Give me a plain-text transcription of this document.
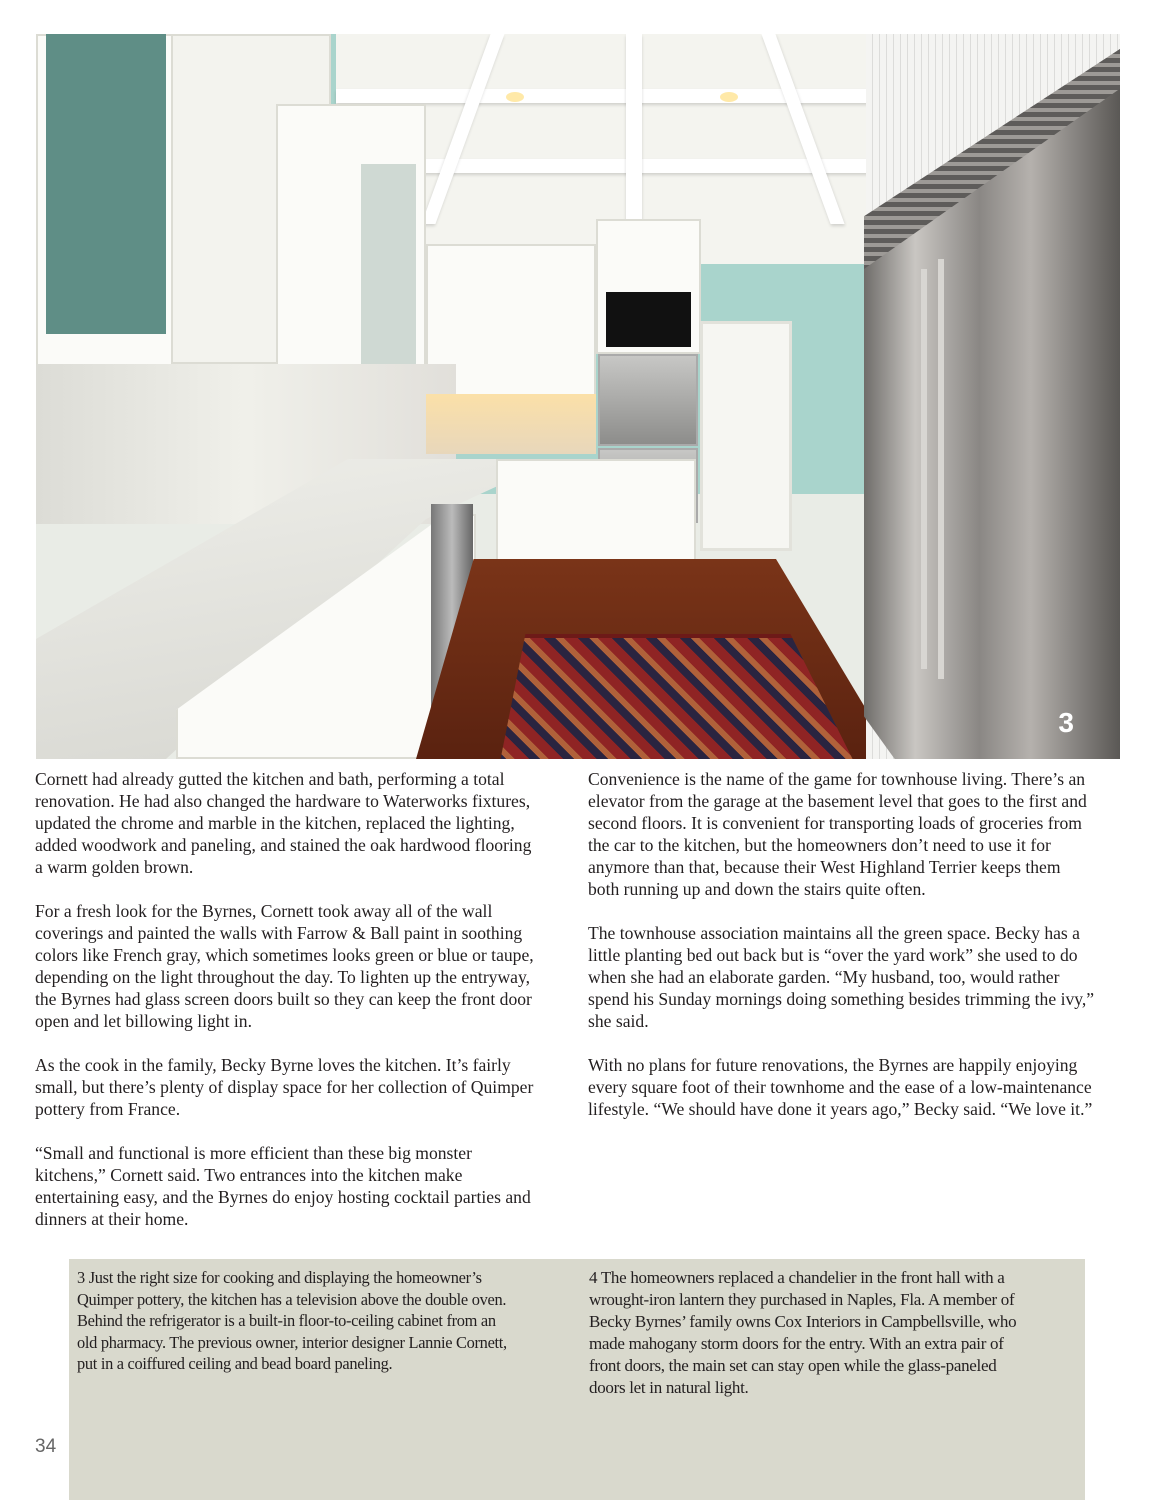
3
Cornett had already gutted the kitchen and bath, performing a total
renovation. He had also changed the hardware to Waterworks fixtures,
updated the chrome and marble in the kitchen, replaced the lighting,
added woodwork and paneling, and stained the oak hardwood flooring
a warm golden brown.
For a fresh look for the Byrnes, Cornett took away all of the wall
coverings and painted the walls with Farrow & Ball paint in soothing
colors like French gray, which sometimes looks green or blue or taupe,
depending on the light throughout the day. To lighten up the entryway,
the Byrnes had glass screen doors built so they can keep the front door
open and let billowing light in.
As the cook in the family, Becky Byrne loves the kitchen. It’s fairly
small, but there’s plenty of display space for her collection of Quimper
pottery from France.
“Small and functional is more efficient than these big monster
kitchens,” Cornett said. Two entrances into the kitchen make
entertaining easy, and the Byrnes do enjoy hosting cocktail parties and
dinners at their home.
Convenience is the name of the game for townhouse living. There’s an
elevator from the garage at the basement level that goes to the first and
second floors. It is convenient for transporting loads of groceries from
the car to the kitchen, but the homeowners don’t need to use it for
anymore than that, because their West Highland Terrier keeps them
both running up and down the stairs quite often.
The townhouse association maintains all the green space. Becky has a
little planting bed out back but is “over the yard work” she used to do
when she had an elaborate garden. “My husband, too, would rather
spend his Sunday mornings doing something besides trimming the ivy,”
she said.
With no plans for future renovations, the Byrnes are happily enjoying
every square foot of their townhome and the ease of a low-maintenance
lifestyle. “We should have done it years ago,” Becky said. “We love it.”
3 Just the right size for cooking and displaying the homeowner’s
Quimper pottery, the kitchen has a television above the double oven.
Behind the refrigerator is a built-in floor-to-ceiling cabinet from an
old pharmacy. The previous owner, interior designer Lannie Cornett,
put in a coiffured ceiling and bead board paneling.
4 The homeowners replaced a chandelier in the front hall with a
wrought-iron lantern they purchased in Naples, Fla. A member of
Becky Byrnes’ family owns Cox Interiors in Campbellsville, who
made mahogany storm doors for the entry. With an extra pair of
front doors, the main set can stay open while the glass-paneled
doors let in natural light.
34
